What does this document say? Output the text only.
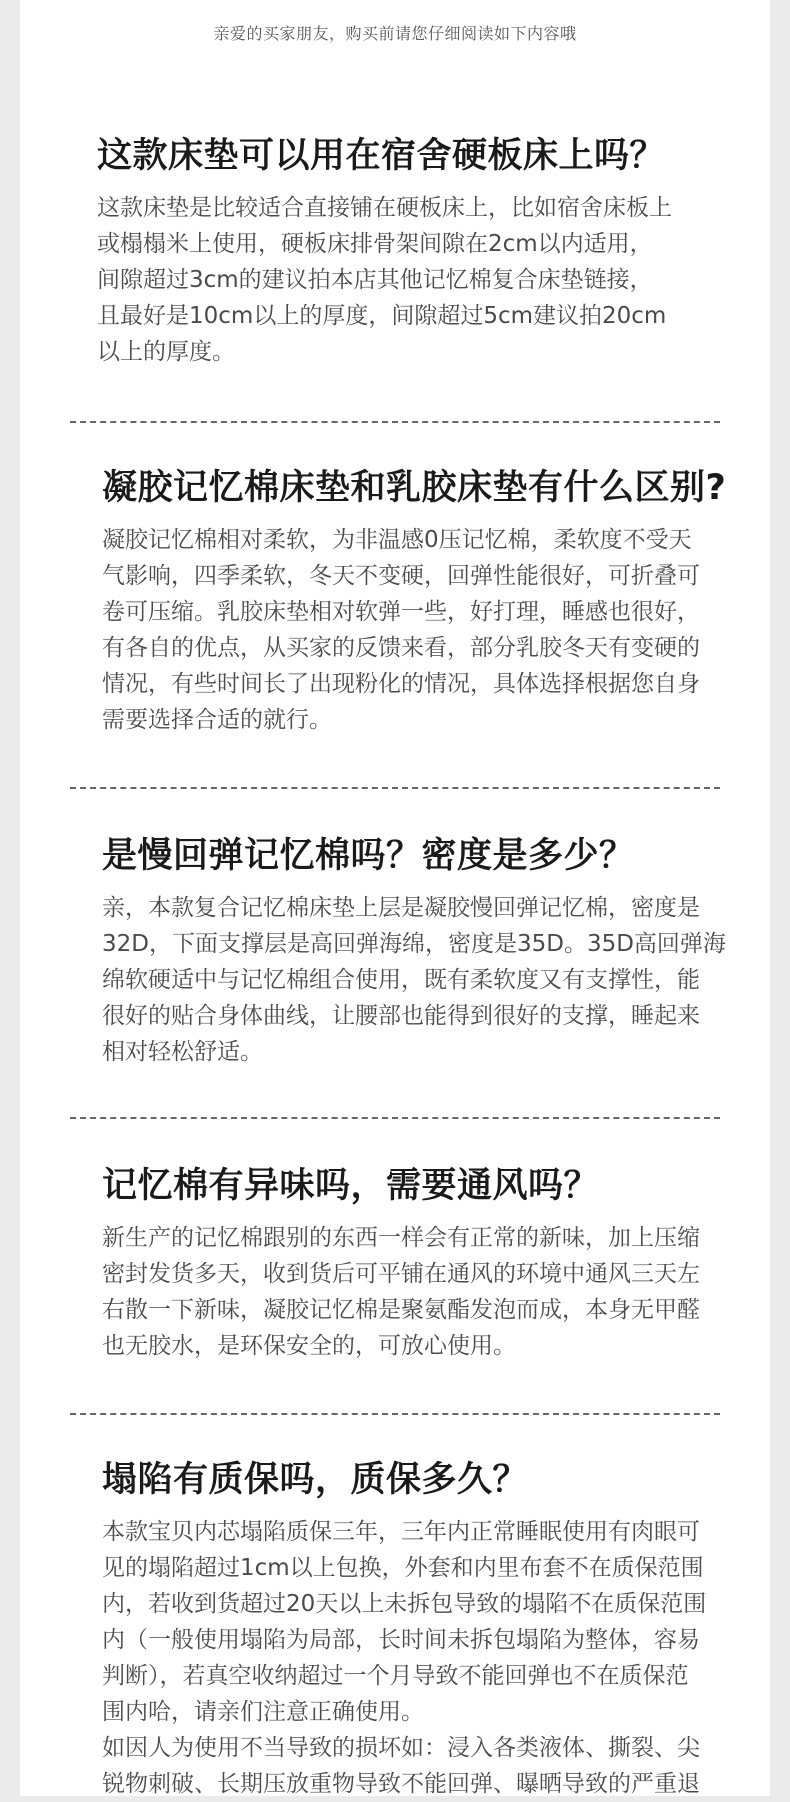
亲爱的买家朋友，购买前请您仔细阅读如下内容哦
这款床垫可以用在宿舍硬板床上吗？
这款床垫是比较适合直接铺在硬板床上，比如宿舍床板上
或榻榻米上使用，硬板床排骨架间隙在2cm以内适用，
间隙超过3cm的建议拍本店其他记忆棉复合床垫链接，
且最好是10cm以上的厚度，间隙超过5cm建议拍20cm
以上的厚度。
凝胶记忆棉床垫和乳胶床垫有什么区别?
凝胶记忆棉相对柔软，为非温感0压记忆棉，柔软度不受天
气影响，四季柔软，冬天不变硬，回弹性能很好，可折叠可
卷可压缩。乳胶床垫相对软弹一些，好打理，睡感也很好，
有各自的优点，从买家的反馈来看，部分乳胶冬天有变硬的
情况，有些时间长了出现粉化的情况，具体选择根据您自身
需要选择合适的就行。
是慢回弹记忆棉吗？密度是多少？
亲，本款复合记忆棉床垫上层是凝胶慢回弹记忆棉，密度是
32D，下面支撑层是高回弹海绵，密度是35D。35D高回弹海
绵软硬适中与记忆棉组合使用，既有柔软度又有支撑性，能
很好的贴合身体曲线，让腰部也能得到很好的支撑，睡起来
相对轻松舒适。
记忆棉有异味吗，需要通风吗？
新生产的记忆棉跟别的东西一样会有正常的新味，加上压缩
密封发货多天，收到货后可平铺在通风的环境中通风三天左
右散一下新味，凝胶记忆棉是聚氨酯发泡而成，本身无甲醛
也无胶水，是环保安全的，可放心使用。
塌陷有质保吗，质保多久？
本款宝贝内芯塌陷质保三年，三年内正常睡眠使用有肉眼可
见的塌陷超过1cm以上包换，外套和内里布套不在质保范围
内，若收到货超过20天以上未拆包导致的塌陷不在质保范围
内（一般使用塌陷为局部，长时间未拆包塌陷为整体，容易
判断），若真空收纳超过一个月导致不能回弹也不在质保范
围内哈，请亲们注意正确使用。
如因人为使用不当导致的损坏如：浸入各类液体、撕裂、尖
锐物刺破、长期压放重物导致不能回弹、曝晒导致的严重退
